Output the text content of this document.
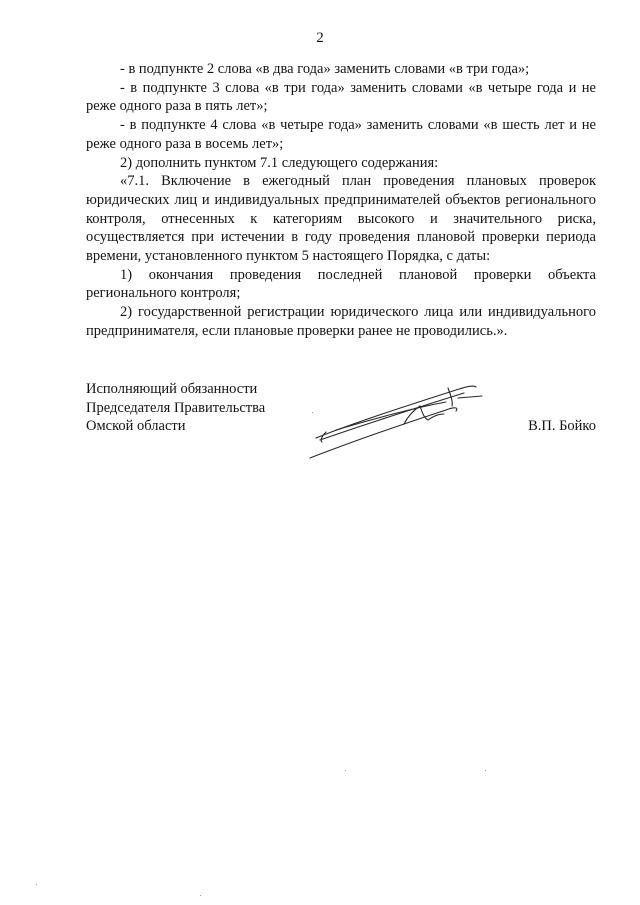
2

- в подпункте 2 слова «в два года» заменить словами «в три года»;

- в подпункте 3 слова «в три года» заменить словами «в четыре года и не реже одного раза в пять лет»;

- в подпункте 4 слова «в четыре года» заменить словами «в шесть лет и не реже одного раза в восемь лет»;

2) дополнить пунктом 7.1 следующего содержания:

«7.1. Включение в ежегодный план проведения плановых проверок юридических лиц и индивидуальных предпринимателей объектов регионального контроля, отнесенных к категориям высокого и значительного риска, осуществляется при истечении в году проведения плановой проверки периода времени, установленного пунктом 5 настоящего Порядка, с даты:

1) окончания проведения последней плановой проверки объекта регионального контроля;

2) государственной регистрации юридического лица или индивидуального предпринимателя, если плановые проверки ранее не проводились.».

Исполняющий обязанности
Председателя Правительства
Омской области	В.П. Бойко
